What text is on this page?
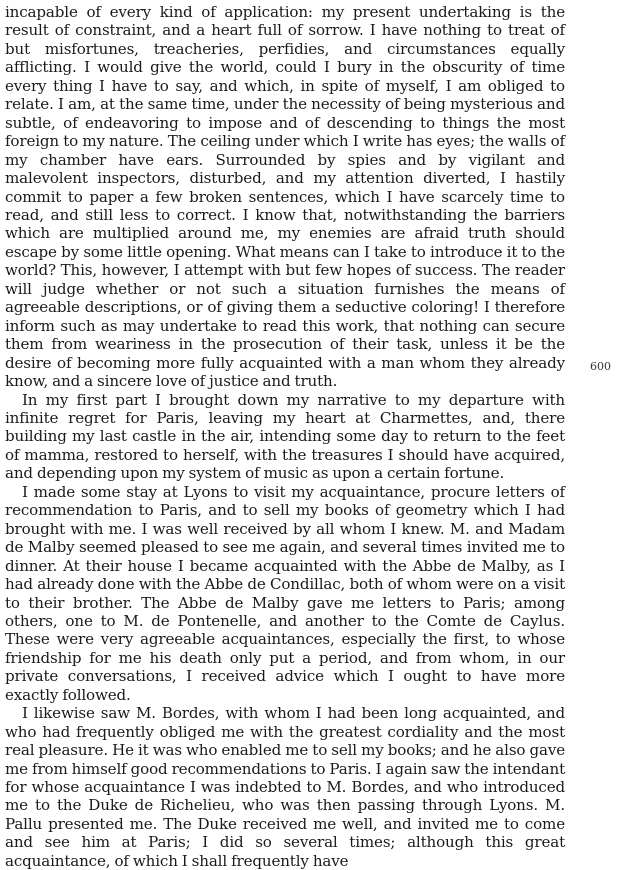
incapable of every kind of application: my present undertaking is the result of constraint, and a heart full of sorrow. I have nothing to treat of but misfortunes, treacheries, perfidies, and circumstances equally afflicting. I would give the world, could I bury in the obscurity of time every thing I have to say, and which, in spite of myself, I am obliged to relate. I am, at the same time, under the necessity of being mysterious and subtle, of endeavoring to impose and of descending to things the most foreign to my nature. The ceiling under which I write has eyes; the walls of my chamber have ears. Surrounded by spies and by vigilant and malevolent inspectors, disturbed, and my attention diverted, I hastily commit to paper a few broken sentences, which I have scarcely time to read, and still less to correct. I know that, notwithstanding the barriers which are multiplied around me, my enemies are afraid truth should escape by some little opening. What means can I take to introduce it to the world? This, however, I attempt with but few hopes of success. The reader will judge whether or not such a situation furnishes the means of agreeable descriptions, or of giving them a seductive coloring! I therefore inform such as may undertake to read this work, that nothing can secure them from weariness in the prosecution of their task, unless it be the desire of becoming more fully acquainted with a man whom they already know, and a sincere love of justice and truth.

In my first part I brought down my narrative to my departure with infinite regret for Paris, leaving my heart at Charmettes, and, there building my last castle in the air, intending some day to return to the feet of mamma, restored to herself, with the treasures I should have acquired, and depending upon my system of music as upon a certain fortune.

I made some stay at Lyons to visit my acquaintance, procure letters of recommendation to Paris, and to sell my books of geometry which I had brought with me. I was well received by all whom I knew. M. and Madam de Malby seemed pleased to see me again, and several times invited me to dinner. At their house I became acquainted with the Abbe de Malby, as I had already done with the Abbe de Condillac, both of whom were on a visit to their brother. The Abbe de Malby gave me letters to Paris; among others, one to M. de Pontenelle, and another to the Comte de Caylus. These were very agreeable acquaintances, especially the first, to whose friendship for me his death only put a period, and from whom, in our private conversations, I received advice which I ought to have more exactly followed.

I likewise saw M. Bordes, with whom I had been long acquainted, and who had frequently obliged me with the greatest cordiality and the most real pleasure. He it was who enabled me to sell my books; and he also gave me from himself good recommendations to Paris. I again saw the intendant for whose acquaintance I was indebted to M. Bordes, and who introduced me to the Duke de Richelieu, who was then passing through Lyons. M. Pallu presented me. The Duke received me well, and invited me to come and see him at Paris; I did so several times; although this great acquaintance, of which I shall frequently have

600
